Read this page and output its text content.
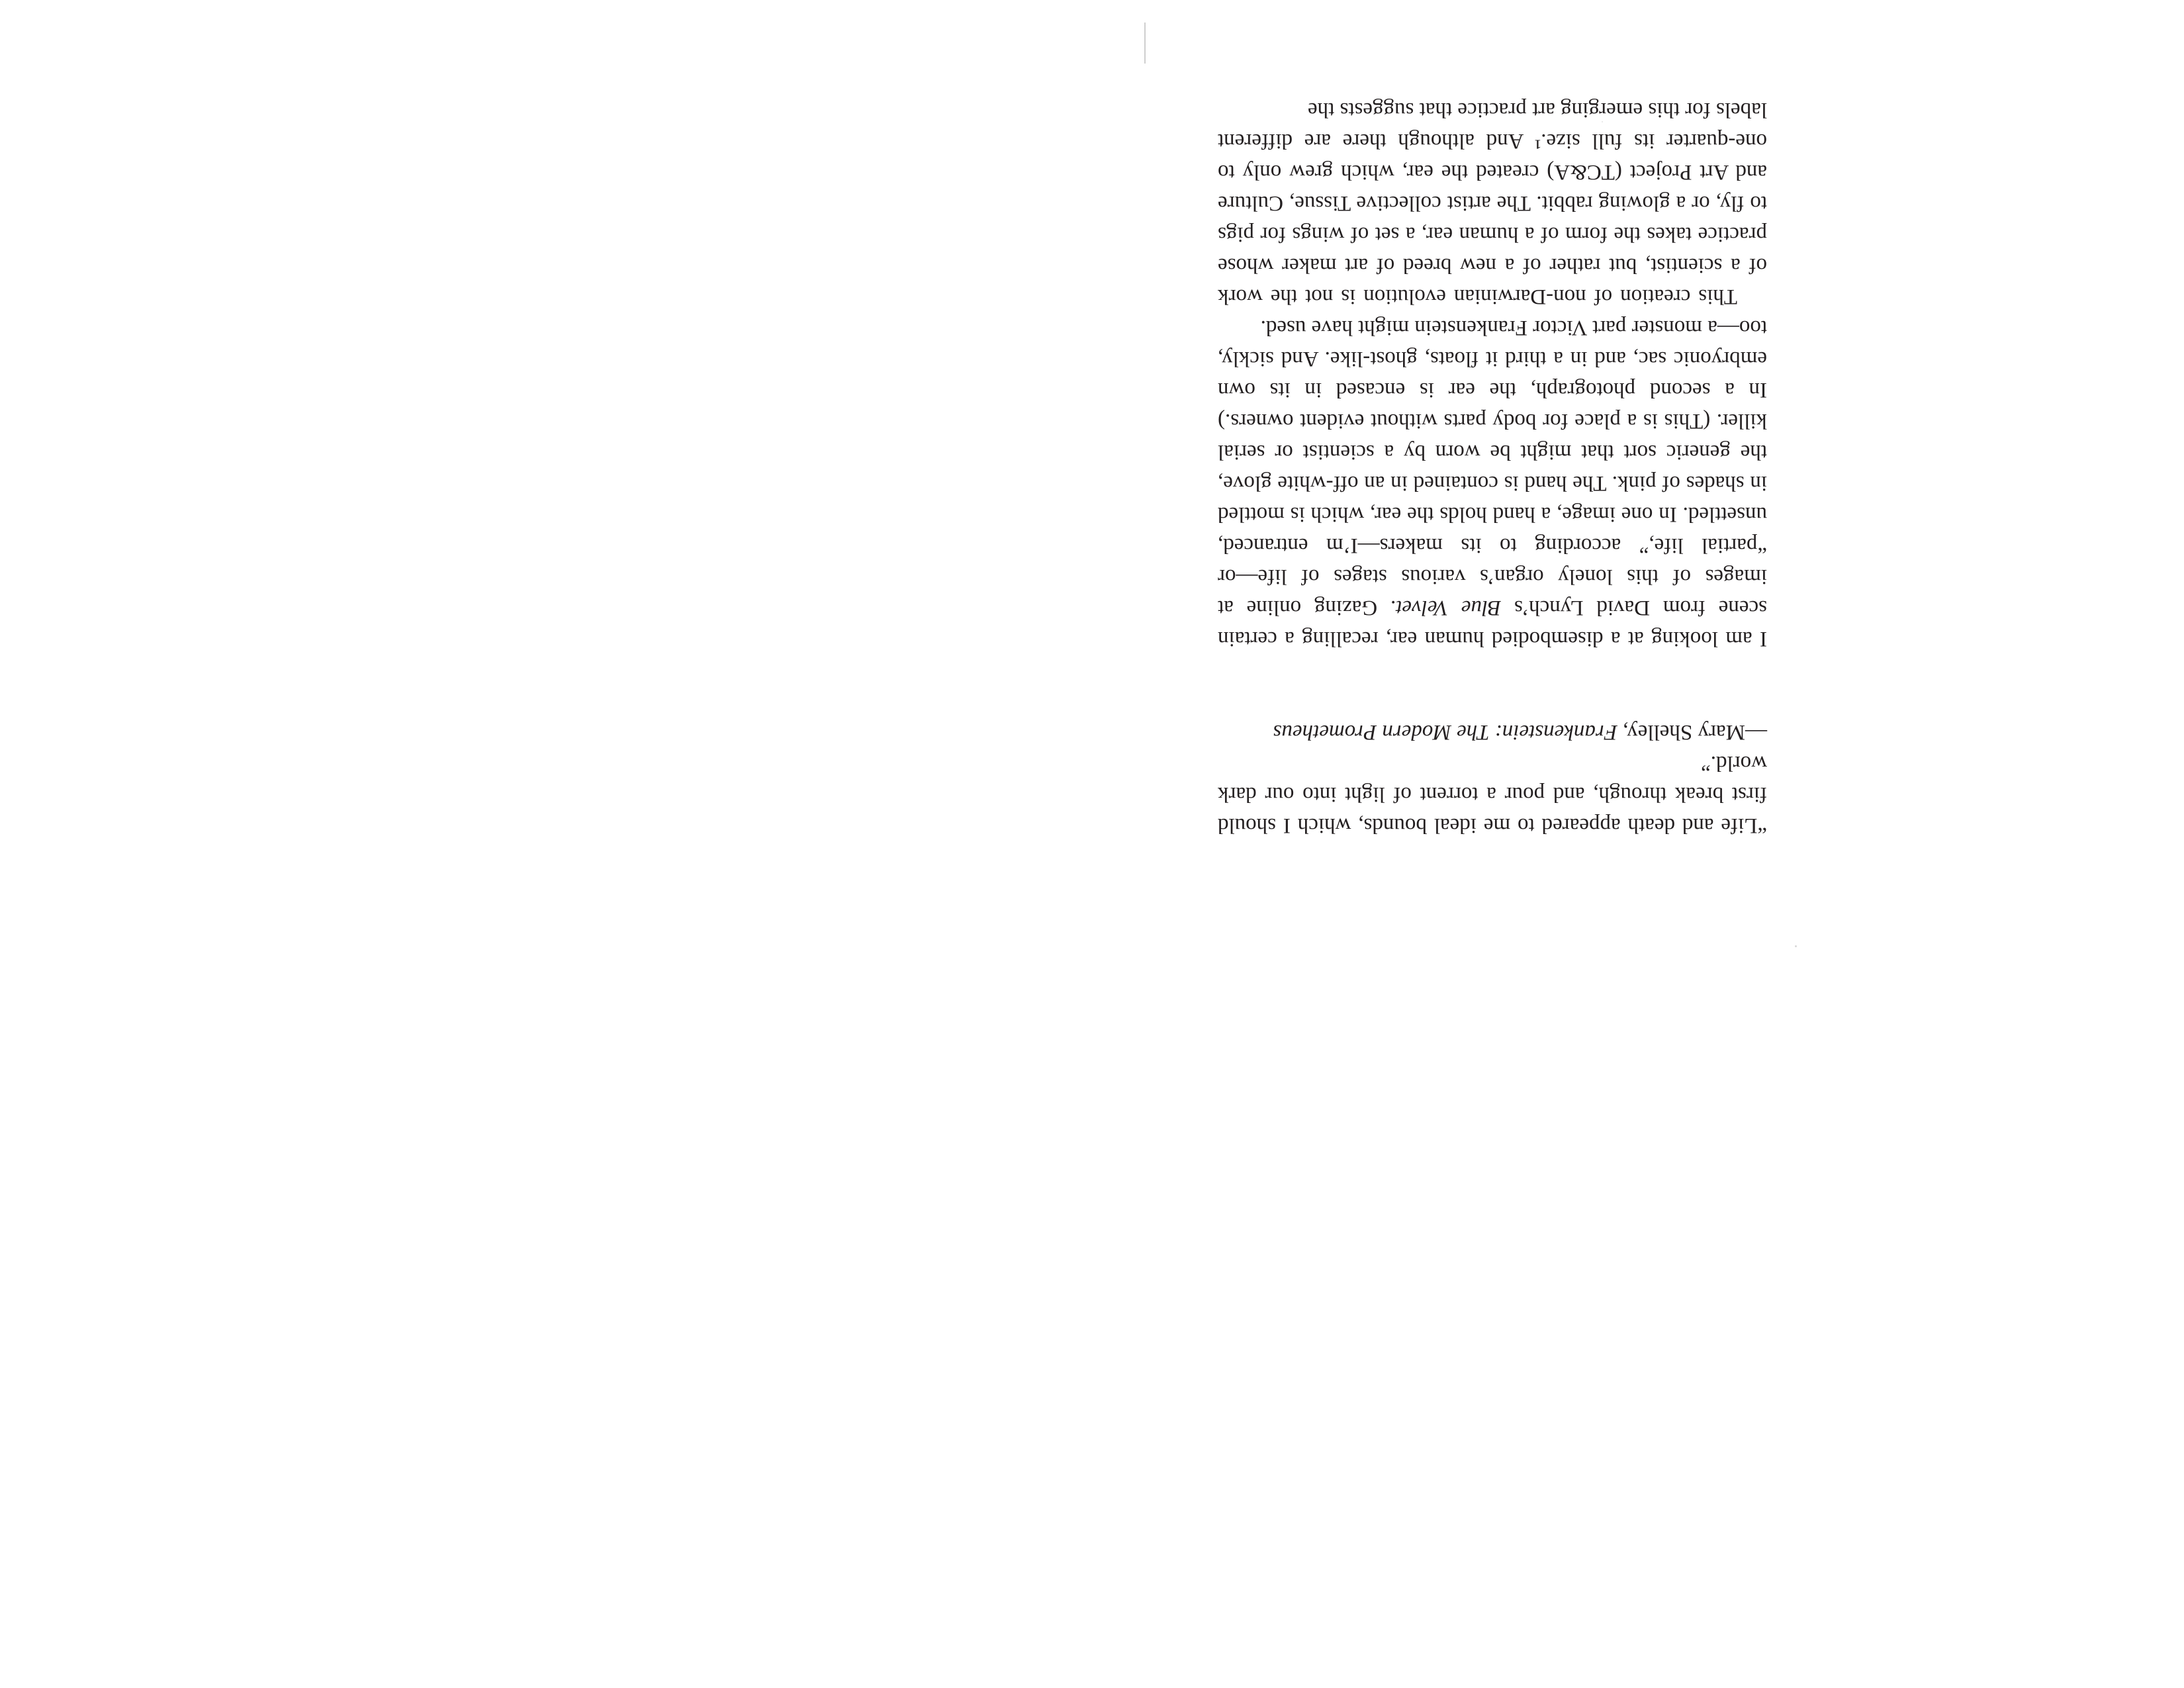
“Life and death appeared to me ideal bounds, which I should first break through, and pour a torrent of light into our dark world.”

—Mary Shelley, Frankenstein: The Modern Prometheus

I am looking at a disembodied human ear, recalling a certain scene from David Lynch’s Blue Velvet. Gazing online at images of this lonely organ’s various stages of life—or “partial life,” according to its makers—I’m entranced, unsettled. In one image, a hand holds the ear, which is mottled in shades of pink. The hand is contained in an off-white glove, the generic sort that might be worn by a scientist or serial killer. (This is a place for body parts without evident owners.) In a second photograph, the ear is encased in its own embryonic sac, and in a third it floats, ghost-like. And sickly, too—a monster part Victor Frankenstein might have used.

This creation of non-Darwinian evolution is not the work of a scientist, but rather of a new breed of art maker whose practice takes the form of a human ear, a set of wings for pigs to fly, or a glowing rabbit. The artist collective Tissue, Culture and Art Project (TC&A) created the ear, which grew only to one-quarter its full size.¹ And although there are different labels for this emerging art practice that suggests the
